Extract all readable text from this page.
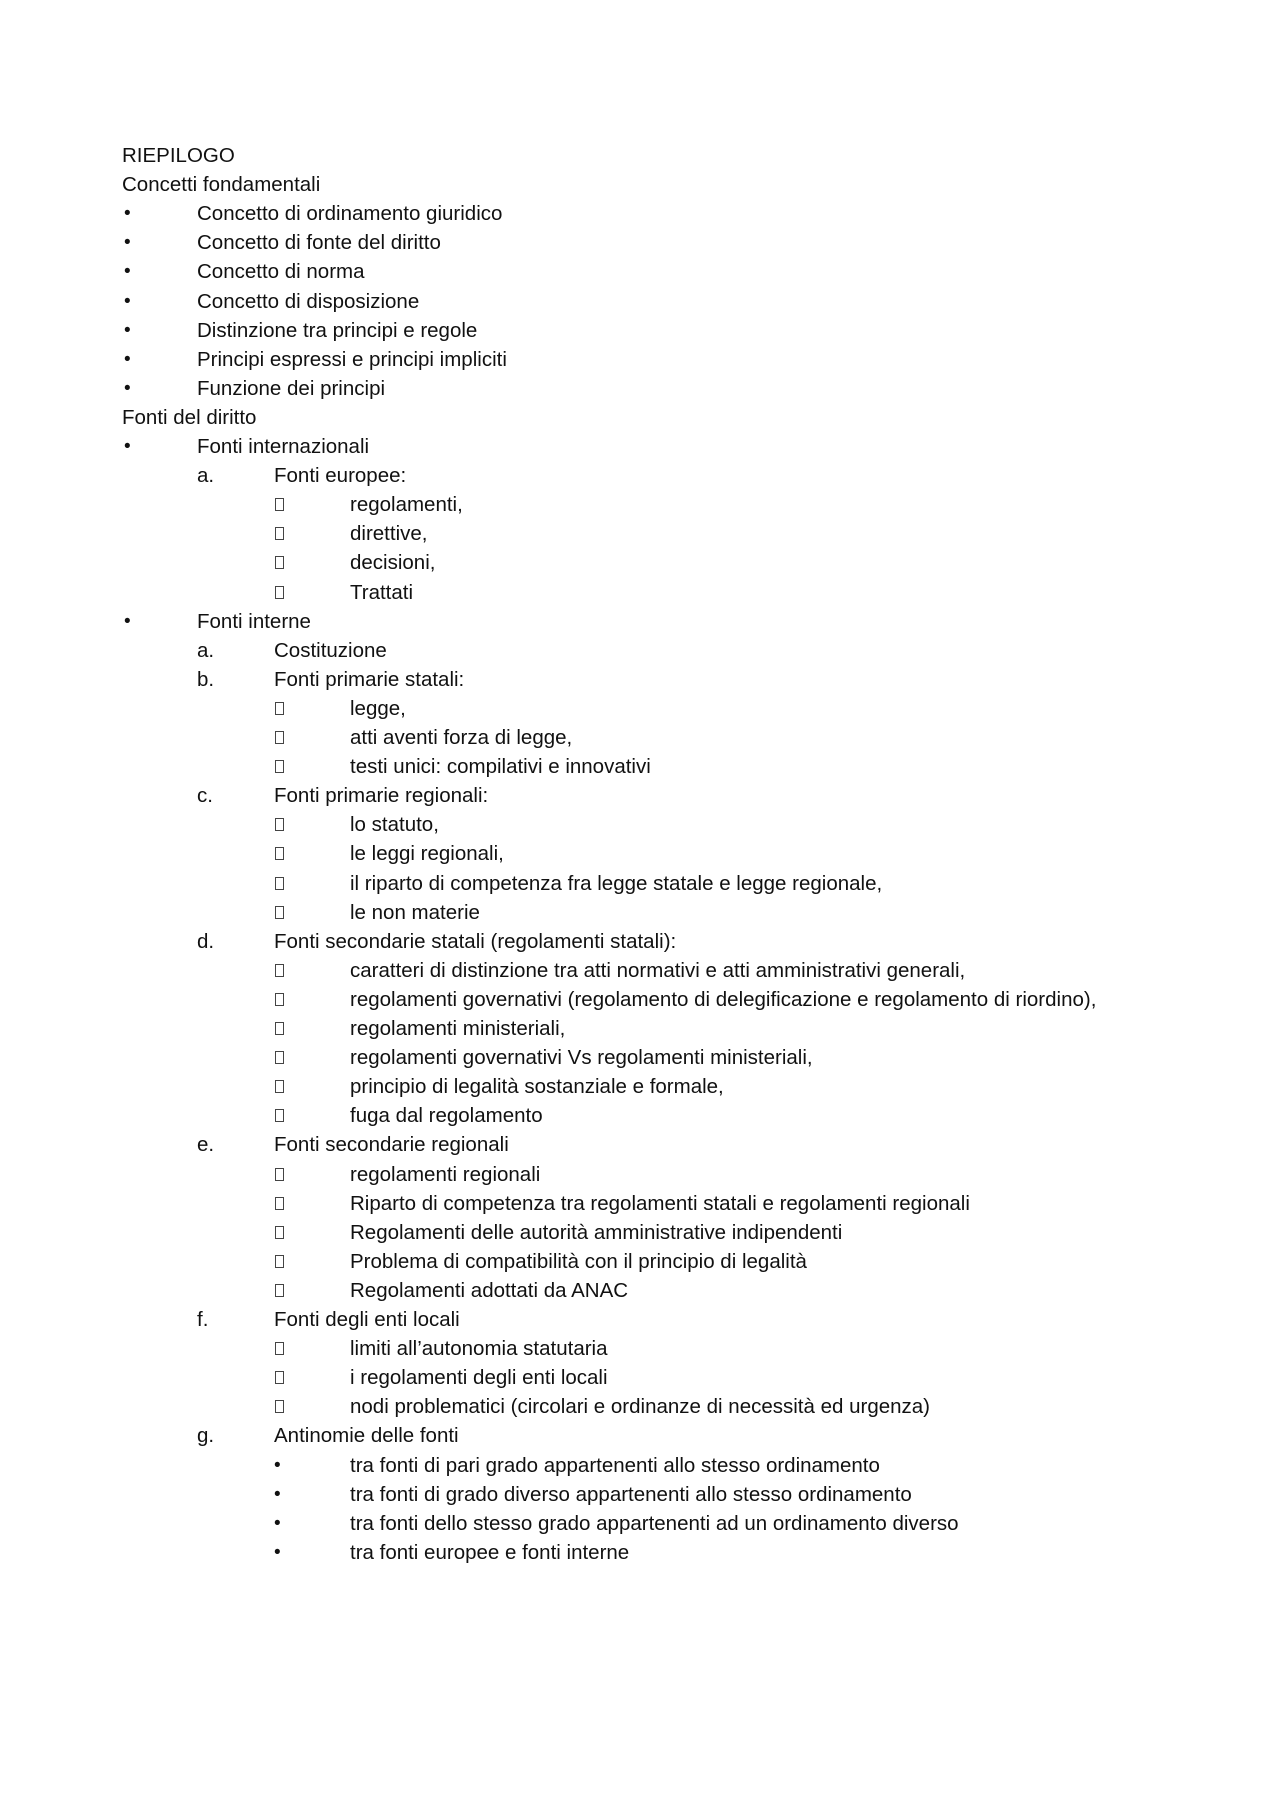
RIEPILOGO
Concetti fondamentali
•	Concetto di ordinamento giuridico
•	Concetto di fonte del diritto
•	Concetto di norma
•	Concetto di disposizione
•	Distinzione tra principi e regole
•	Principi espressi e principi impliciti
•	Funzione dei principi
Fonti del diritto
•	Fonti internazionali
a.	Fonti europee:
regolamenti,
direttive,
decisioni,
Trattati
•	Fonti interne
a.	Costituzione
b.	Fonti primarie statali:
legge,
atti aventi forza di legge,
testi unici: compilativi e innovativi
c.	Fonti primarie regionali:
lo statuto,
le leggi regionali,
il riparto di competenza fra legge statale e legge regionale,
le non materie
d.	Fonti secondarie statali (regolamenti statali):
caratteri di distinzione tra atti normativi e atti amministrativi generali,
regolamenti governativi (regolamento di delegificazione e regolamento di riordino),
regolamenti ministeriali,
regolamenti governativi Vs regolamenti ministeriali,
principio di legalità sostanziale e formale,
fuga dal regolamento
e.	Fonti secondarie regionali
regolamenti regionali
Riparto di competenza tra regolamenti statali e regolamenti regionali
Regolamenti delle autorità amministrative indipendenti
Problema di compatibilità con il principio di legalità
Regolamenti adottati da ANAC
f.	Fonti degli enti locali
limiti all’autonomia statutaria
i regolamenti degli enti locali
nodi problematici (circolari e ordinanze di necessità ed urgenza)
g.	Antinomie delle fonti
•	tra fonti di pari grado appartenenti allo stesso ordinamento
•	tra fonti di grado diverso appartenenti allo stesso ordinamento
•	tra fonti dello stesso grado appartenenti ad un ordinamento diverso
•	tra fonti europee e fonti interne
